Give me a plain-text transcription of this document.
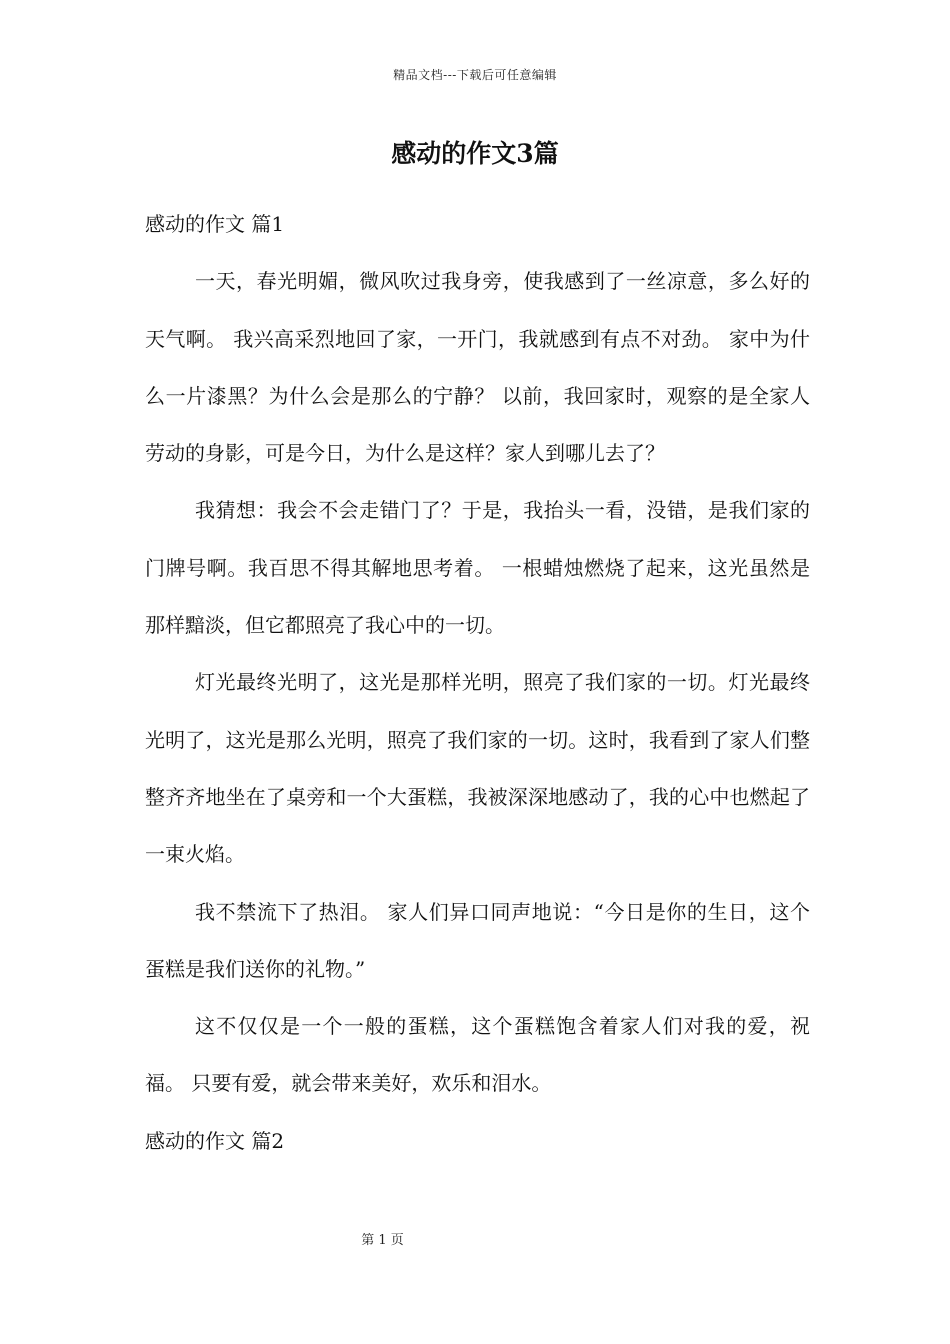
精品文档---下载后可任意编辑
感动的作文3篇
感动的作文 篇1

一天，春光明媚，微风吹过我身旁，使我感到了一丝凉意，多么好的天气啊。 我兴高采烈地回了家，一开门，我就感到有点不对劲。 家中为什么一片漆黑？为什么会是那么的宁静？ 以前，我回家时，观察的是全家人劳动的身影，可是今日，为什么是这样？家人到哪儿去了？

我猜想：我会不会走错门了？于是，我抬头一看，没错，是我们家的门牌号啊。我百思不得其解地思考着。 一根蜡烛燃烧了起来，这光虽然是那样黯淡，但它都照亮了我心中的一切。

灯光最终光明了，这光是那样光明，照亮了我们家的一切。灯光最终光明了，这光是那么光明，照亮了我们家的一切。这时，我看到了家人们整整齐齐地坐在了桌旁和一个大蛋糕，我被深深地感动了，我的心中也燃起了一束火焰。

我不禁流下了热泪。 家人们异口同声地说：“今日是你的生日，这个蛋糕是我们送你的礼物。”

这不仅仅是一个一般的蛋糕，这个蛋糕饱含着家人们对我的爱，祝福。 只要有爱，就会带来美好，欢乐和泪水。

感动的作文 篇2
第 1 页
